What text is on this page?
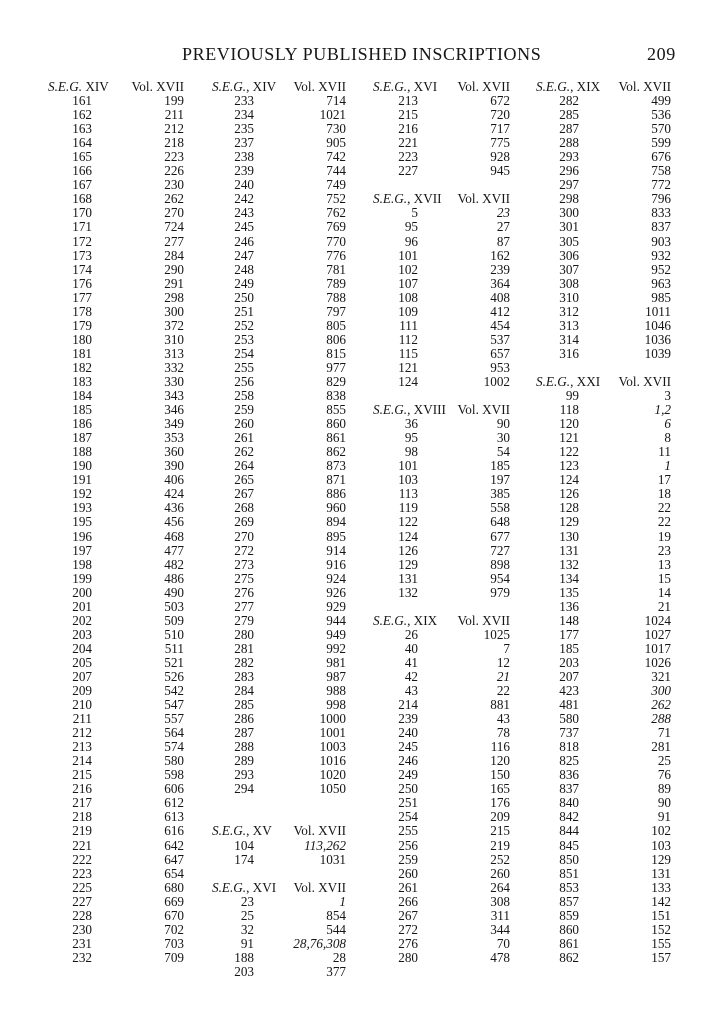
PREVIOUSLY PUBLISHED INSCRIPTIONS	209
S.E.G. XIV Vol. XVII
161	199
162	211
163	212
164	218
165	223
166	226
167	230
168	262
170	270
171	724
172	277
173	284
174	290
176	291
177	298
178	300
179	372
180	310
181	313
182	332
183	330
184	343
185	346
186	349
187	353
188	360
190	390
191	406
192	424
193	436
195	456
196	468
197	477
198	482
199	486
200	490
201	503
202	509
203	510
204	511
205	521
207	526
209	542
210	547
211	557
212	564
213	574
214	580
215	598
216	606
217	612
218	613
219	616
221	642
222	647
223	654
225	680
227	669
228	670
230	702
231	703
232	709
S.E.G., XIV Vol. XVII
233	714
234	1021
235	730
237	905
238	742
239	744
240	749
242	752
243	762
245	769
246	770
247	776
248	781
249	789
250	788
251	797
252	805
253	806
254	815
255	977
256	829
258	838
259	855
260	860
261	861
262	862
264	873
265	871
267	886
268	960
269	894
270	895
272	914
273	916
275	924
276	926
277	929
279	944
280	949
281	992
282	981
283	987
284	988
285	998
286	1000
287	1001
288	1003
289	1016
293	1020
294	1050
S.E.G., XV Vol. XVII
104	113,262
174	1031
S.E.G., XVI Vol. XVII
23	1
25	854
32	544
91	28,76,308
188	28
203	377
S.E.G., XVI Vol. XVII
213	672
215	720
216	717
221	775
223	928
227	945
S.E.G., XVII Vol. XVII
5	23
95	27
96	87
101	162
102	239
107	364
108	408
109	412
111	454
112	537
115	657
121	953
124	1002
S.E.G., XVIII Vol. XVII
36	90
95	30
98	54
101	185
103	197
113	385
119	558
122	648
124	677
126	727
129	898
131	954
132	979
S.E.G., XIX Vol. XVII
26	1025
40	7
41	12
42	21
43	22
214	881
239	43
240	78
245	116
246	120
249	150
250	165
251	176
254	209
255	215
256	219
259	252
260	260
261	264
266	308
267	311
272	344
276	70
280	478
S.E.G., XIX Vol. XVII
282	499
285	536
287	570
288	599
293	676
296	758
297	772
298	796
300	833
301	837
305	903
306	932
307	952
308	963
310	985
312	1011
313	1046
314	1036
316	1039
S.E.G., XXI Vol. XVII
99	3
118	1,2
120	6
121	8
122	11
123	1
124	17
126	18
128	22
129	22
130	19
131	23
132	13
134	15
135	14
136	21
148	1024
177	1027
185	1017
203	1026
207	321
423	300
481	262
580	288
737	71
818	281
825	25
836	76
837	89
840	90
842	91
844	102
845	103
850	129
851	131
853	133
857	142
859	151
860	152
861	155
862	157
